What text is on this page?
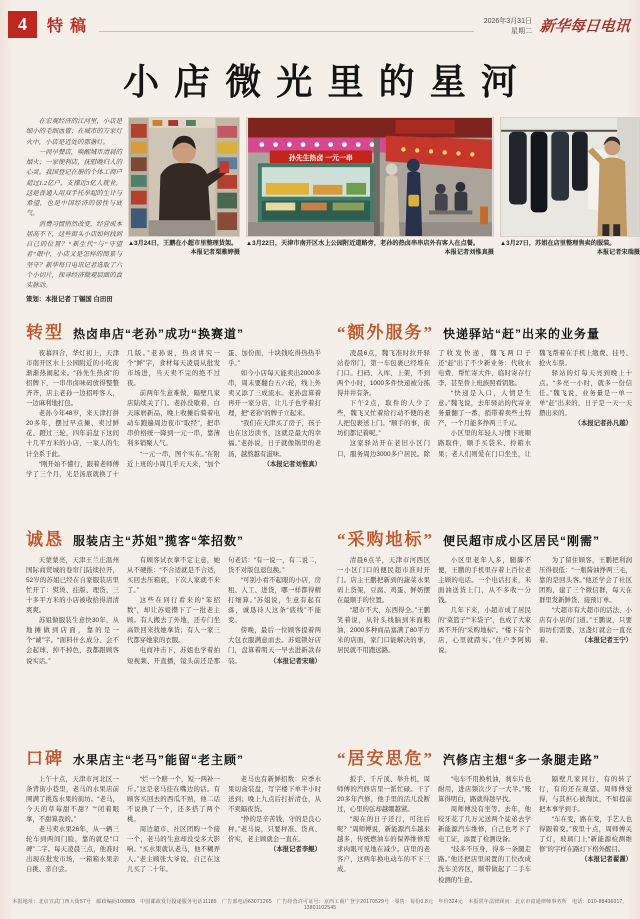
4 特稿	2026年3月31日
星期二 新华每日电讯
小店微光里的星河

在宏观经济的江河里，小店是细小的毛细血管；在城市的万家灯火中，小店是近处的那盏灯。

一间早餐店，唤醒城市清晨的烟火；一家便利店，抚慰晚归人的心灵。我国登记在册的个体工商户超过1.2亿户，支撑近3亿人就业，这是普通人用双手托举起的生计与希望，也是中国经济的韧性与底气。

消费习惯悄然改变，经营成本居高不下，这些街头小店如何找到自己的位置？“新生代”与“守望者”眼中，小店又是怎样的图景与坚守？新华每日电讯记者选取了六个小切片，探寻经济微观层面的真实脉动。

策划：本报记者 丁锡国 白田田
▲3月24日，王鹏在小超市里整理货架。
本报记者栗雅婷摄
孙先生热卤 一元一串
▲3月22日，天津市南开区水上公园附近道路旁，老孙的热卤串串店外有客人在点餐。
本报记者刘惟真摄
▲3月27日，苏姐在店里整理售卖的服装。
本报记者宋瑞摄
转型 热卤串店“老孙”成功“换赛道”

夜幕四合，华灯初上，天津市南开区水上公园附近的小吃街渐渐热闹起来。“孙先生热卤”的招牌下，一串串卤味码放得整整齐齐，店主老孙一边招呼客人，一边麻利地打包。

老孙今年48岁，来天津打拼20多年，摆过早点摊、卖过鲜花、蹬过三轮，四年前盘下这间十几平方米的小店，一家人的生计全系于此。

“刚开始不懂行，跟着老师傅学了三个月，光是汤底就换了十几版。”老孙说，热卤讲究一个“鲜”字，食材每天凌晨从批发市场进，当天卖不完的绝不过夜。

前两年生意难做，隔壁几家店陆续关了门。老孙没歇着，白天琢磨新品，晚上收摊后骑着电动车跑遍周边夜市“取经”，把串串价格统一降到一元一串，靠薄利多销聚人气。

“一元一串，图个实在。”在附近上班的小周几乎天天来，“加个蛋、加份面，十块钱吃得热热乎乎。”

如今小店每天能卖出2000多串，周末要翻台五六轮，线上外卖又添了三成流水。老孙盘算着再开一家分店，让儿子也学着打理，把“老孙”的牌子立起来。

“我们在天津买了房子，孩子也在这边读书，这就是最大的幸福。”老孙说，日子就像锅里的老汤，越熬越有滋味。
（本报记者刘惟真）

“额外服务” 快递驿站“赶”出来的业务量

凌晨6点，魏飞准时拉开驿站卷帘门，第一车包裹已经堆在门口。扫码、入库、上架，不到两个小时，1000多件快递被分拣得井井有条。

下午2点，取件的人少了些，魏飞又忙着给行动不便的老人把包裹送上门。“顺手的事，街坊们都记着呢。”

这家驿站开在老旧小区门口，服务周边3000多户居民。除了收发快递，魏飞两口子还“赶”出了不少新业务：代收水电费、帮忙寄大件、临时寄存行李，甚至替上班族照看钥匙。

“快递是入口，人情是生意。”魏飞说，去年驿站的代寄业务量翻了一番，捎带着卖些土特产，一个月能多挣两三千元。

小区里的年轻人习惯下班顺路取件，顺手买袋米、拎箱水果；老人们则爱在门口坐坐，让魏飞帮着在手机上缴费、挂号、抢火车票。

驿站的灯每天亮到晚上十点。“多亮一小时，就多一份信任。”魏飞说，业务量是一单一单“赶”出来的，日子是一天一天攒出来的。
（本报记者孙凡越）

诚恳 服装店主“苏姐”揽客“笨招数”

天蒙蒙亮，天津王兰庄温州国际商贸城的卷帘门陆续拉开，52岁的苏姐已经在自家服装店里忙开了：熨烫、挂版、理货，三十多平方米的小店被收拾得清清爽爽。

苏姐做服装生意快30年，从地摊做到店面，靠的是一个“诚”字。“面料什么成分、会不会起球、掉不掉色，我都跟顾客说实话。”

有顾客试衣拿不定主意，她从不硬推：“不合适就是不合适，买回去压箱底，下次人家就不来了。”

这些在同行看来的“笨招数”，却让苏姐攒下了一批老主顾。有人搬去了外地，还专门坐高铁回来找她拿货；有人一家三代都穿她家的衣服。

电商冲击下，苏姐也学着拍短视频、开直播，镜头前还是那句老话：“有一说一，有二说二，货不对版包退包换。”

“可别小看不起眼的小店，房租、人工、进货，哪一样都得精打细算。”苏姐说，生意有起有落，诚恳待人这条“底线”不能变。

傍晚，最后一位顾客提着两大包衣服满意而去。苏姐锁好店门，盘算着明天一早去进新款春装。	（本报记者宋瑞）

“采购地标” 便民超市成小区居民“刚需”

清晨6点半，天津市河西区一小区门口的便民超市准时开门。店主王鹏把新到的蔬菜水果码上货架，豆腐、鸡蛋、鲜奶摆在最顺手的位置。

“超市不大，东西得全。”王鹏笑着说，从针头线脑到米面粮油，2000多种商品塞满了80平方米的店面，家门口能解决的事，居民就不用跑远路。

小区里老年人多，腿脚不便，王鹏的手机里存着上百位老主顾的电话。一个电话打来，米面油送货上门，从不多收一分钱。

几年下来，小超市成了居民的“菜篮子”“米袋子”，也成了大家离不开的“采购地标”。“楼下有个店，心里就踏实。”住户李阿姨说。

为了留住顾客，王鹏把利润压得很低：“一瓶酱油挣两三毛，靠的是回头客。”他还学会了社区团购，建了三个微信群，每天在群里发新鲜货、接预订单。

“大超市有大超市的活法，小店有小店的门道。”王鹏说，只要街坊们需要，这盏灯就会一直亮着。	（本报记者王宁）

口碑 水果店主“老马”能留“老主顾”

上午十点，天津市河北区一条背街小巷里，老马的水果店前围满了挑选水果的街坊。“老马，今天的草莓甜不甜？”“闭着眼拿，不甜算我的。”

老马卖水果26年，从一辆三轮车到两间门脸，靠的就是“口碑”二字。每天凌晨三点，他准时出现在批发市场，一箱箱水果亲自挑、亲自尝。

“烂一个赔一个，短一两补一斤。”这是老马挂在嘴边的话。有顾客买回去的西瓜不熟，他二话不说换了一个，还多搭了两个桃。

周边超市、社区团购一个接一个，老马的生意却没受多大影响。“买水果就认老马，他不糊弄人。”老主顾张大爷说，自己在这儿买了二十年。

老马也有新鲜招数：应季水果切盒装盘，写字楼下单半小时送到；晚上九点后打折清仓，从不卖隔夜货。

“挣的是辛苦钱，守的是良心秤。”老马说，只要秤准、货真、价实，老主顾就会一直在。
（本报记者李鲲）

“居安思危” 汽修店主想“多一条腿走路”

扳手、千斤顶、举升机，周师傅的汽修店里一派忙碌。干了20多年汽修，他手里的活儿没断过，心里的弦却越绷越紧。

“现在的日子还行，可往后呢？”周师傅说，新能源汽车越来越多，传统燃油车的保养维修需求肉眼可见地在减少。店里的老客户，这两年换电动车的不下三成。

“电车不用换机油，刹车片也耐用，进店频次少了一大半。”账算得明白，路就得趁早找。

周师傅没有坐等。去年，他咬牙花了几万元送两个徒弟去学新能源汽车维修，自己也考下了电工证，添置了检测设备。

“技多不压身，得多一条腿走路。”他还把店里闲置的工位改成洗车美容区，顺带做起了二手车检测的生意。

隔壁几家同行，有的转了行，有的还在观望。周师傅觉得，与其担心被淘汰，不如提前把本事学到手。

“车在变，路在变，手艺人也得跟着变。”夜里十点，周师傅关了灯，玻璃门上“新能源检测维修”的字样在路灯下格外醒目。
（本报记者翟濯）

本报地址：北京宣武门西大街57号　邮政编码100803　中国邮政发行投递服务电话11185　广告部电话63071265　广告经营许可证号：京西工商广登字20170529号　零售：每份0.8元　年价324元　本报常年法律顾问：北京市富通律师事务所　电话：010-88406017、13801102545
